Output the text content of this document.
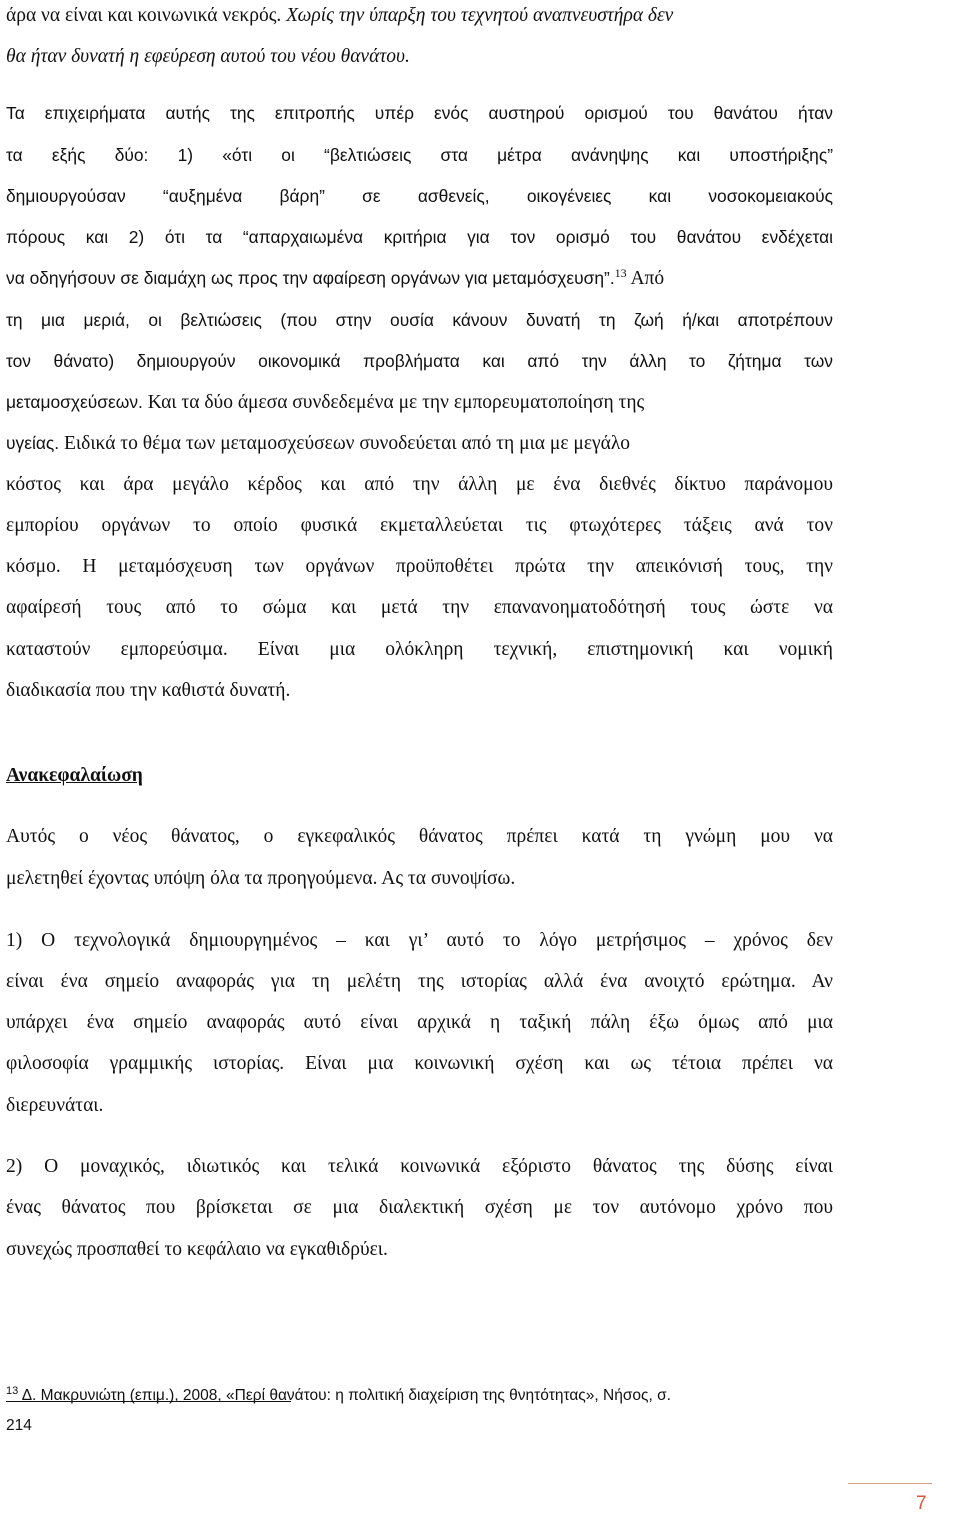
άρα να είναι και κοινωνικά νεκρός. Χωρίς την ύπαρξη του τεχνητού αναπνευστήρα δεν
θα ήταν δυνατή η εφεύρεση αυτού του νέου θανάτου.
Τα επιχειρήματα αυτής της επιτροπής υπέρ ενός αυστηρού ορισμού του θανάτου ήταν
τα εξής δύο: 1) «ότι οι “βελτιώσεις στα μέτρα ανάνηψης και υποστήριξης”
δημιουργούσαν “αυξημένα βάρη” σε ασθενείς, οικογένειες και νοσοκομειακούς
πόρους και 2) ότι τα “απαρχαιωμένα κριτήρια για τον ορισμό του θανάτου ενδέχεται
να οδηγήσουν σε διαμάχη ως προς την αφαίρεση οργάνων για μεταμόσχευση”.$^{13}$ Από
τη μια μεριά, οι βελτιώσεις (που στην ουσία κάνουν δυνατή τη ζωή ή/και αποτρέπουν
τον θάνατο) δημιουργούν οικονομικά προβλήματα και από την άλλη το ζήτημα των
μεταμοσχεύσεων. Και τα δύο άμεσα συνδεδεμένα με την εμπορευματοποίηση της
υγείας. Ειδικά το θέμα των μεταμοσχεύσεων συνοδεύεται από τη μια με μεγάλο
κόστος και άρα μεγάλο κέρδος και από την άλλη με ένα διεθνές δίκτυο παράνομου
εμπορίου οργάνων το οποίο φυσικά εκμεταλλεύεται τις φτωχότερες τάξεις ανά τον
κόσμο. Η μεταμόσχευση των οργάνων προϋποθέτει πρώτα την απεικόνισή τους, την
αφαίρεσή τους από το σώμα και μετά την επανανοηματοδότησή τους ώστε να
καταστούν εμπορεύσιμα. Είναι μια ολόκληρη τεχνική, επιστημονική και νομική
διαδικασία που την καθιστά δυνατή.
Ανακεφαλαίωση
Αυτός ο νέος θάνατος, ο εγκεφαλικός θάνατος πρέπει κατά τη γνώμη μου να
μελετηθεί έχοντας υπόψη όλα τα προηγούμενα. Ας τα συνοψίσω.
1) Ο τεχνολογικά δημιουργημένος – και γι’ αυτό το λόγο μετρήσιμος – χρόνος δεν
είναι ένα σημείο αναφοράς για τη μελέτη της ιστορίας αλλά ένα ανοιχτό ερώτημα. Αν
υπάρχει ένα σημείο αναφοράς αυτό είναι αρχικά η ταξική πάλη έξω όμως από μια
φιλοσοφία γραμμικής ιστορίας. Είναι μια κοινωνική σχέση και ως τέτοια πρέπει να
διερευνάται.
2) Ο μοναχικός, ιδιωτικός και τελικά κοινωνικά εξόριστο θάνατος της δύσης είναι
ένας θάνατος που βρίσκεται σε μια διαλεκτική σχέση με τον αυτόνομο χρόνο που
συνεχώς προσπαθεί το κεφάλαιο να εγκαθιδρύει.
$^{13}$ Δ. Μακρυνιώτη (επιμ.), 2008, «Περί θανάτου: η πολιτική διαχείριση της θνητότητας», Νήσος, σ.
214
7
